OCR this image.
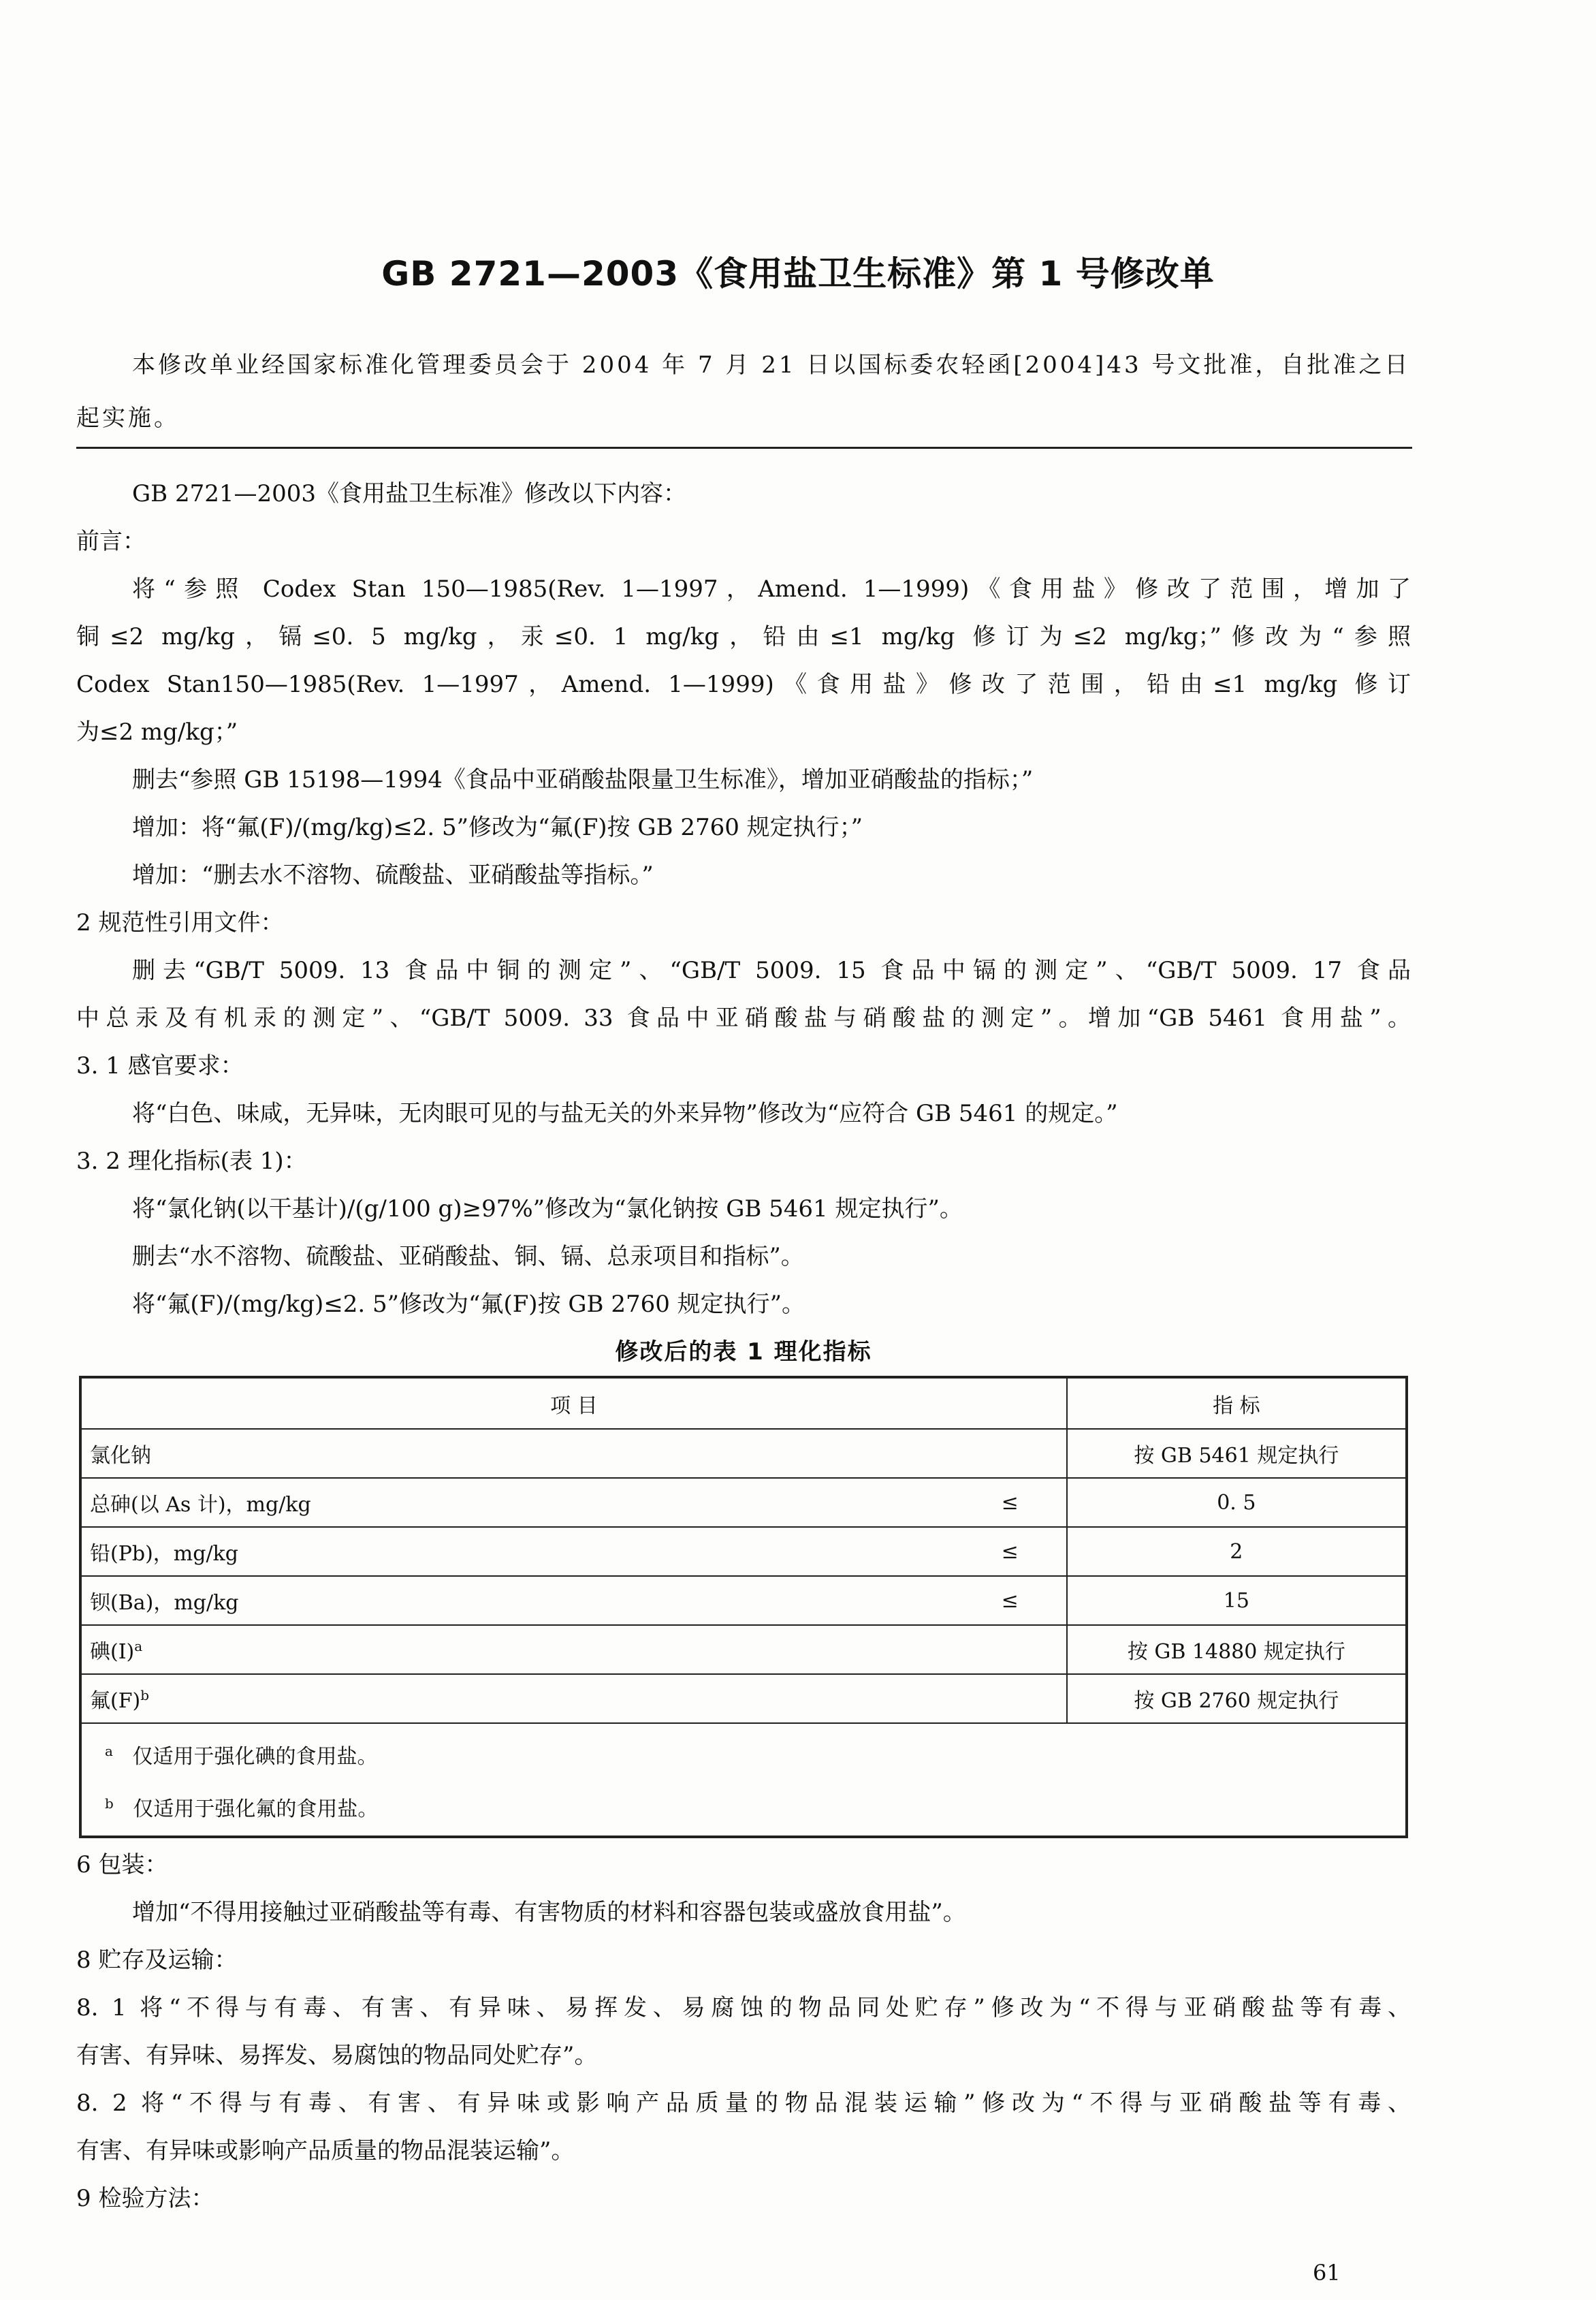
GB 2721—2003《食用盐卫生标准》第 1 号修改单
本修改单业经国家标准化管理委员会于 2004 年 7 月 21 日以国标委农轻函[2004]43 号文批准，自批准之日起实施。
GB 2721—2003《食用盐卫生标准》修改以下内容：
前言：
将“参照 Codex Stan 150—1985(Rev. 1—1997，Amend. 1—1999)《食用盐》修改了范围，增加了
铜≤2 mg/kg，镉≤0. 5 mg/kg，汞≤0. 1 mg/kg，铅由≤1 mg/kg 修订为≤2 mg/kg；”修改为“参照
Codex Stan150—1985(Rev. 1—1997，Amend. 1—1999)《食用盐》修改了范围，铅由≤1 mg/kg 修订
为≤2 mg/kg；”
删去“参照 GB 15198—1994《食品中亚硝酸盐限量卫生标准》，增加亚硝酸盐的指标；”
增加：将“氟(F)/(mg/kg)≤2. 5”修改为“氟(F)按 GB 2760 规定执行；”
增加：“删去水不溶物、硫酸盐、亚硝酸盐等指标。”
2 规范性引用文件：
删去“GB/T 5009. 13 食品中铜的测定”、“GB/T 5009. 15 食品中镉的测定”、“GB/T 5009. 17 食品
中总汞及有机汞的测定”、“GB/T 5009. 33 食品中亚硝酸盐与硝酸盐的测定”。增加“GB 5461 食用盐”。
3. 1 感官要求：
将“白色、味咸，无异味，无肉眼可见的与盐无关的外来异物”修改为“应符合 GB 5461 的规定。”
3. 2 理化指标(表 1)：
将“氯化钠(以干基计)/(g/100 g)≥97%”修改为“氯化钠按 GB 5461 规定执行”。
删去“水不溶物、硫酸盐、亚硝酸盐、铜、镉、总汞项目和指标”。
将“氟(F)/(mg/kg)≤2. 5”修改为“氟(F)按 GB 2760 规定执行”。
修改后的表 1 理化指标
项 目		指 标
氯化钠		按 GB 5461 规定执行
总砷(以 As 计)，mg/kg	≤	0. 5
铅(Pb)，mg/kg	≤	2
钡(Ba)，mg/kg	≤	15
碘(Ⅰ)$^a$		按 GB 14880 规定执行
氟$(F)^b$		按 GB 2760 规定执行

$^a$ 仅适用于强化碘的食用盐。
$^b$ 仅适用于强化氟的食用盐。		
6 包装：
增加“不得用接触过亚硝酸盐等有毒、有害物质的材料和容器包装或盛放食用盐”。
8 贮存及运输：
8. 1 将“不得与有毒、有害、有异味、易挥发、易腐蚀的物品同处贮存”修改为“不得与亚硝酸盐等有毒、
有害、有异味、易挥发、易腐蚀的物品同处贮存”。
8. 2 将“不得与有毒、有害、有异味或影响产品质量的物品混装运输”修改为“不得与亚硝酸盐等有毒、
有害、有异味或影响产品质量的物品混装运输”。
9 检验方法：
61
